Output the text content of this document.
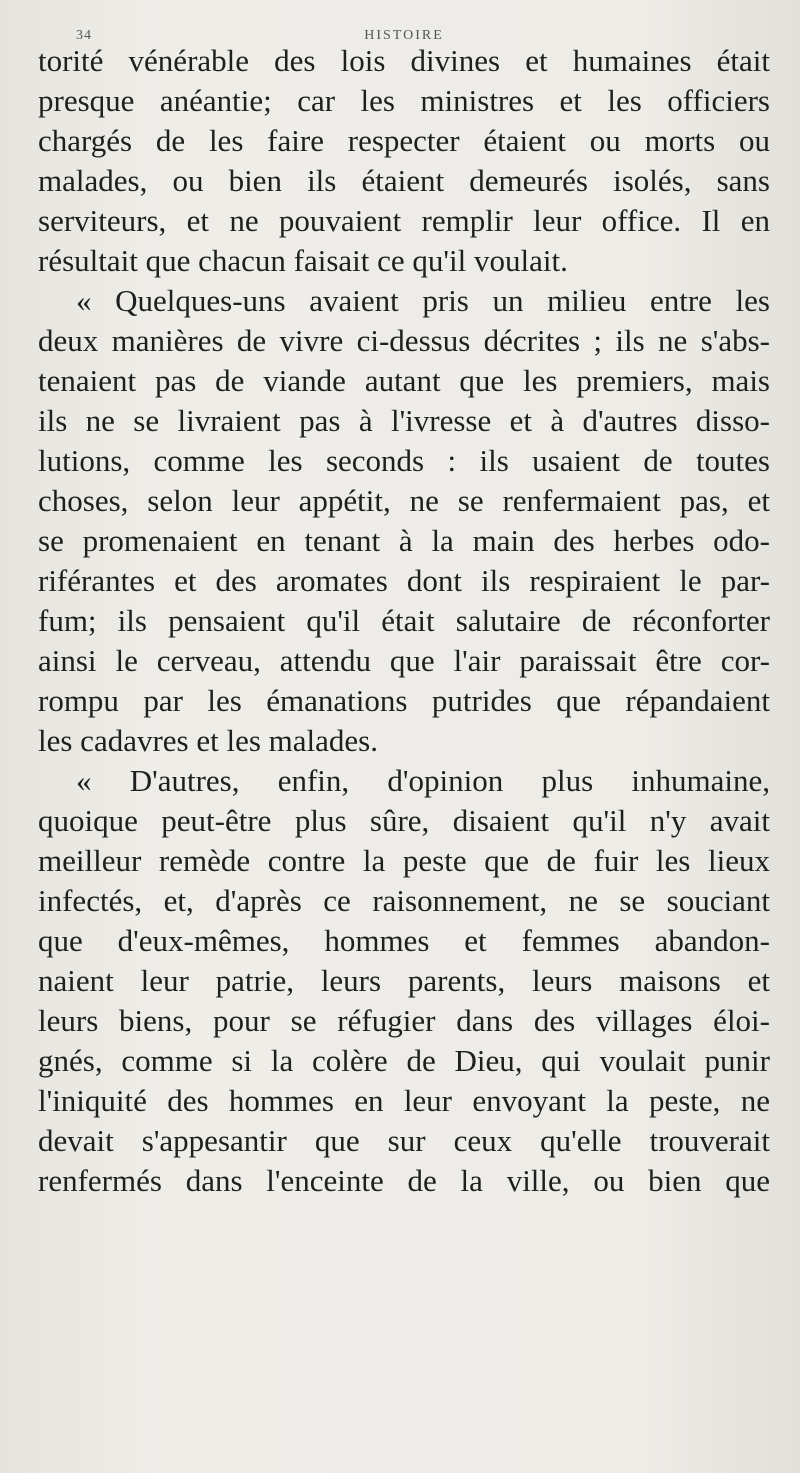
34	HISTOIRE
torité vénérable des lois divines et humaines était
presque anéantie; car les ministres et les officiers
chargés de les faire respecter étaient ou morts ou
malades, ou bien ils étaient demeurés isolés, sans
serviteurs, et ne pouvaient remplir leur office. Il en
résultait que chacun faisait ce qu'il voulait.
« Quelques-uns avaient pris un milieu entre les
deux manières de vivre ci-dessus décrites ; ils ne s'abs-
tenaient pas de viande autant que les premiers, mais
ils ne se livraient pas à l'ivresse et à d'autres disso-
lutions, comme les seconds : ils usaient de toutes
choses, selon leur appétit, ne se renfermaient pas, et
se promenaient en tenant à la main des herbes odo-
riférantes et des aromates dont ils respiraient le par-
fum; ils pensaient qu'il était salutaire de réconforter
ainsi le cerveau, attendu que l'air paraissait être cor-
rompu par les émanations putrides que répandaient
les cadavres et les malades.
« D'autres, enfin, d'opinion plus inhumaine,
quoique peut-être plus sûre, disaient qu'il n'y avait
meilleur remède contre la peste que de fuir les lieux
infectés, et, d'après ce raisonnement, ne se souciant
que d'eux-mêmes, hommes et femmes abandon-
naient leur patrie, leurs parents, leurs maisons et
leurs biens, pour se réfugier dans des villages éloi-
gnés, comme si la colère de Dieu, qui voulait punir
l'iniquité des hommes en leur envoyant la peste, ne
devait s'appesantir que sur ceux qu'elle trouverait
renfermés dans l'enceinte de la ville, ou bien que
